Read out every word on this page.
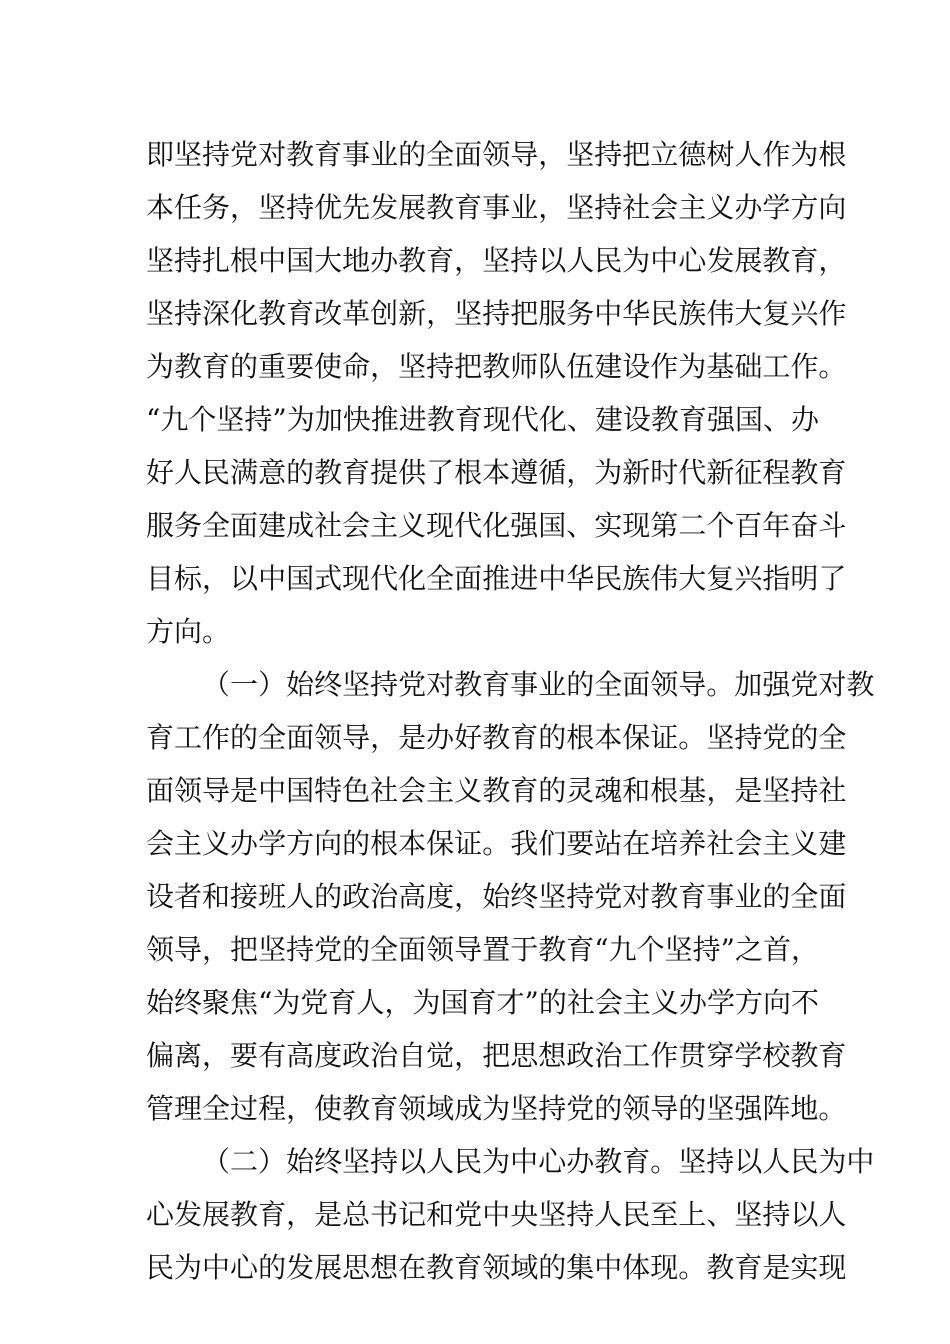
即 坚 持 党 对 教 育 事 业 的 全 面 领 导 ， 坚 持 把 立 德 树 人 作 为 根
本 任 务 ， 坚 持 优 先 发 展 教 育 事 业 ， 坚 持 社 会 主 义 办 学 方 向
坚 持 扎 根 中 国 大 地 办 教 育 ， 坚 持 以 人 民 为 中 心 发 展 教 育 ，
坚 持 深 化 教 育 改 革 创 新 ， 坚 持 把 服 务 中 华 民 族 伟 大 复 兴 作
为 教 育 的 重 要 使 命 ， 坚 持 把 教 师 队 伍 建 设 作 为 基 础 工 作 。
“ 九 个 坚 持 ” 为 加 快 推 进 教 育 现 代 化 、 建 设 教 育 强 国 、 办
好 人 民 满 意 的 教 育 提 供 了 根 本 遵 循 ， 为 新 时 代 新 征 程 教 育
服 务 全 面 建 成 社 会 主 义 现 代 化 强 国 、 实 现 第 二 个 百 年 奋 斗
目 标 ， 以 中 国 式 现 代 化 全 面 推 进 中 华 民 族 伟 大 复 兴 指 明 了
方向。
（ 一 ） 始 终 坚 持 党 对 教 育 事 业 的 全 面 领 导 。 加 强 党 对 教
育 工 作 的 全 面 领 导 ， 是 办 好 教 育 的 根 本 保 证 。 坚 持 党 的 全
面 领 导 是 中 国 特 色 社 会 主 义 教 育 的 灵 魂 和 根 基 ， 是 坚 持 社
会 主 义 办 学 方 向 的 根 本 保 证 。 我 们 要 站 在 培 养 社 会 主 义 建
设 者 和 接 班 人 的 政 治 高 度 ， 始 终 坚 持 党 对 教 育 事 业 的 全 面
领 导 ， 把 坚 持 党 的 全 面 领 导 置 于 教 育 “ 九 个 坚 持 ” 之 首 ，
始 终 聚 焦 “ 为 党 育 人 ， 为 国 育 才 ” 的 社 会 主 义 办 学 方 向 不
偏 离 ， 要 有 高 度 政 治 自 觉 ， 把 思 想 政 治 工 作 贯 穿 学 校 教 育
管 理 全 过 程 ， 使 教 育 领 域 成 为 坚 持 党 的 领 导 的 坚 强 阵 地 。
（ 二 ） 始 终 坚 持 以 人 民 为 中 心 办 教 育 。 坚 持 以 人 民 为 中
心 发 展 教 育 ， 是 总 书 记 和 党 中 央 坚 持 人 民 至 上 、 坚 持 以 人
民 为 中 心 的 发 展 思 想 在 教 育 领 域 的 集 中 体 现 。 教 育 是 实 现
